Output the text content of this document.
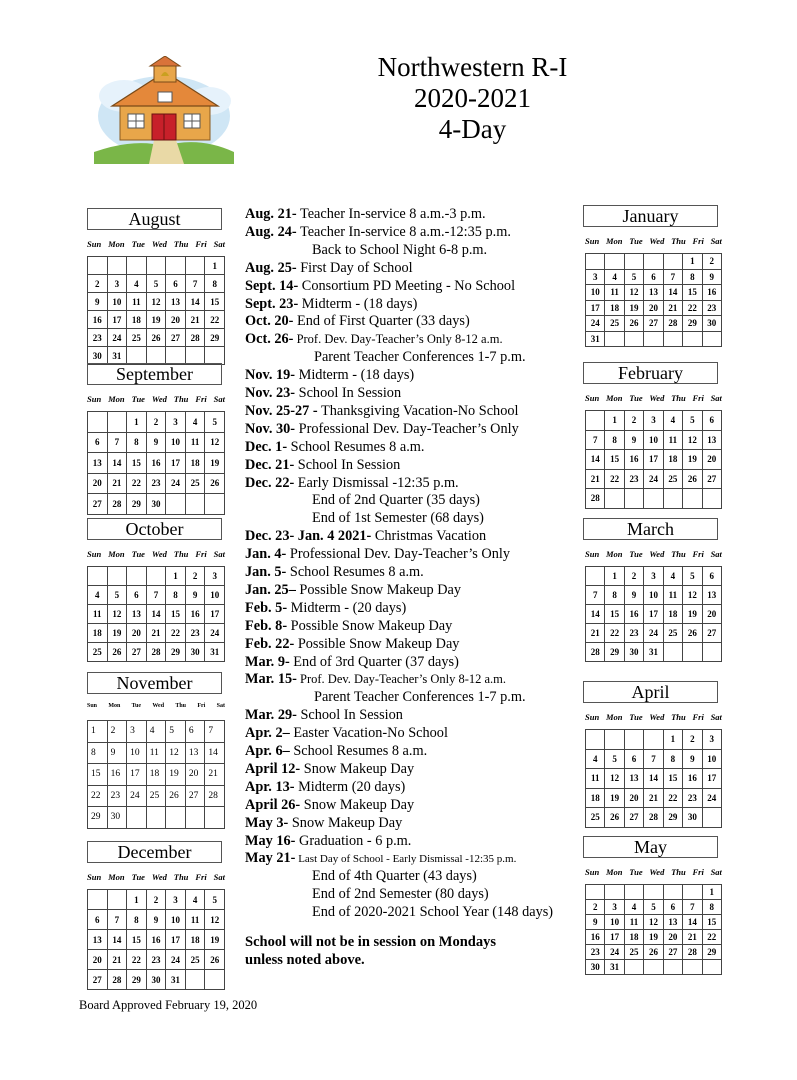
Northwestern R-I
2020-2021
4-Day
August
Sun Mon Tue Wed Thu Fri Sat
						1
2	3	4	5	6	7	8
9	10	11	12	13	14	15
16	17	18	19	20	21	22
23	24	25	26	27	28	29
30	31					
September
Sun Mon Tue Wed Thu Fri Sat
		1	2	3	4	5
6	7	8	9	10	11	12
13	14	15	16	17	18	19
20	21	22	23	24	25	26
27	28	29	30			
October
Sun Mon Tue Wed Thu Fri Sat
				1	2	3
4	5	6	7	8	9	10
11	12	13	14	15	16	17
18	19	20	21	22	23	24
25	26	27	28	29	30	31
November
Sun Mon Tue Wed Thu Fri Sat
1	2	3	4	5	6	7
8	9	10	11	12	13	14
15	16	17	18	19	20	21
22	23	24	25	26	27	28
29	30					
December
Sun Mon Tue Wed Thu Fri Sat
		1	2	3	4	5
6	7	8	9	10	11	12
13	14	15	16	17	18	19
20	21	22	23	24	25	26
27	28	29	30	31		
January
Sun Mon Tue Wed Thu Fri Sat
					1	2
3	4	5	6	7	8	9
10	11	12	13	14	15	16
17	18	19	20	21	22	23
24	25	26	27	28	29	30
31						
February
Sun Mon Tue Wed Thu Fri Sat
	1	2	3	4	5	6
7	8	9	10	11	12	13
14	15	16	17	18	19	20
21	22	23	24	25	26	27
28						
March
Sun Mon Tue Wed Thu Fri Sat
	1	2	3	4	5	6
7	8	9	10	11	12	13
14	15	16	17	18	19	20
21	22	23	24	25	26	27
28	29	30	31			
April
Sun Mon Tue Wed Thu Fri Sat
				1	2	3
4	5	6	7	8	9	10
11	12	13	14	15	16	17
18	19	20	21	22	23	24
25	26	27	28	29	30	
May
Sun Mon Tue Wed Thu Fri Sat
						1
2	3	4	5	6	7	8
9	10	11	12	13	14	15
16	17	18	19	20	21	22
23	24	25	26	27	28	29
30	31					
Aug. 21- Teacher In-service 8 a.m.-3 p.m.
Aug. 24- Teacher In-service 8 a.m.-12:35 p.m.
Back to School Night 6-8 p.m.
Aug. 25- First Day of School
Sept. 14- Consortium PD Meeting - No School
Sept. 23- Midterm - (18 days)
Oct. 20- End of First Quarter (33 days)
Oct. 26- Prof. Dev. Day-Teacher’s Only 8-12 a.m.
Parent Teacher Conferences 1-7 p.m.
Nov. 19- Midterm - (18 days)
Nov. 23- School In Session
Nov. 25-27 - Thanksgiving Vacation-No School
Nov. 30- Professional Dev. Day-Teacher’s Only
Dec. 1- School Resumes 8 a.m.
Dec. 21- School In Session
Dec. 22- Early Dismissal -12:35 p.m.
End of 2nd Quarter (35 days)
End of 1st Semester (68 days)
Dec. 23- Jan. 4 2021- Christmas Vacation
Jan. 4- Professional Dev. Day-Teacher’s Only
Jan. 5- School Resumes 8 a.m.
Jan. 25– Possible Snow Makeup Day
Feb. 5- Midterm - (20 days)
Feb. 8- Possible Snow Makeup Day
Feb. 22- Possible Snow Makeup Day
Mar. 9- End of 3rd Quarter (37 days)
Mar. 15- Prof. Dev. Day-Teacher’s Only 8-12 a.m.
Parent Teacher Conferences 1-7 p.m.
Mar. 29- School In Session
Apr. 2– Easter Vacation-No School
Apr. 6– School Resumes 8 a.m.
April 12- Snow Makeup Day
Apr. 13- Midterm (20 days)
April 26- Snow Makeup Day
May 3- Snow Makeup Day
May 16- Graduation - 6 p.m.
May 21- Last Day of School - Early Dismissal -12:35 p.m.
End of 4th Quarter (43 days)
End of 2nd Semester (80 days)
End of 2020-2021 School Year (148 days)
School will not be in session on Mondays
unless noted above.
Board Approved February 19, 2020
